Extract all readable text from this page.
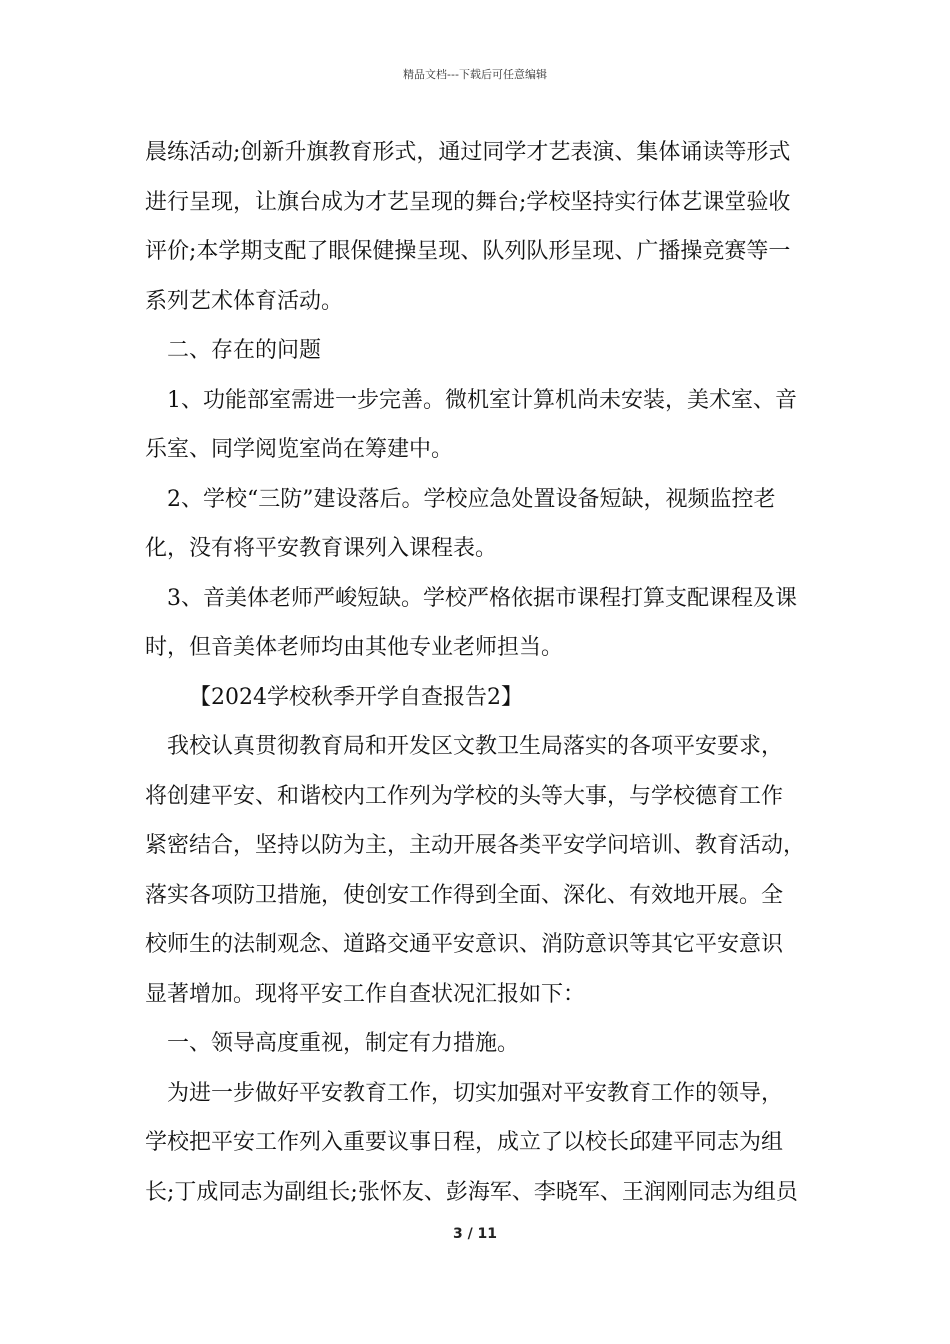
精品文档---下载后可任意编辑
晨练活动;创新升旗教育形式，通过同学才艺表演、集体诵读等形式
进行呈现，让旗台成为才艺呈现的舞台;学校坚持实行体艺课堂验收
评价;本学期支配了眼保健操呈现、队列队形呈现、广播操竞赛等一
系列艺术体育活动。
二、存在的问题
1、功能部室需进一步完善。微机室计算机尚未安装，美术室、音
乐室、同学阅览室尚在筹建中。
2、学校“三防”建设落后。学校应急处置设备短缺，视频监控老
化，没有将平安教育课列入课程表。
3、音美体老师严峻短缺。学校严格依据市课程打算支配课程及课
时，但音美体老师均由其他专业老师担当。
【2024学校秋季开学自查报告2】
我校认真贯彻教育局和开发区文教卫生局落实的各项平安要求，
将创建平安、和谐校内工作列为学校的头等大事，与学校德育工作
紧密结合，坚持以防为主，主动开展各类平安学问培训、教育活动，
落实各项防卫措施，使创安工作得到全面、深化、有效地开展。全
校师生的法制观念、道路交通平安意识、消防意识等其它平安意识
显著增加。现将平安工作自查状况汇报如下：
一、领导高度重视，制定有力措施。
为进一步做好平安教育工作，切实加强对平安教育工作的领导，
学校把平安工作列入重要议事日程，成立了以校长邱建平同志为组
长;丁成同志为副组长;张怀友、彭海军、李晓军、王润刚同志为组员
3 / 11
